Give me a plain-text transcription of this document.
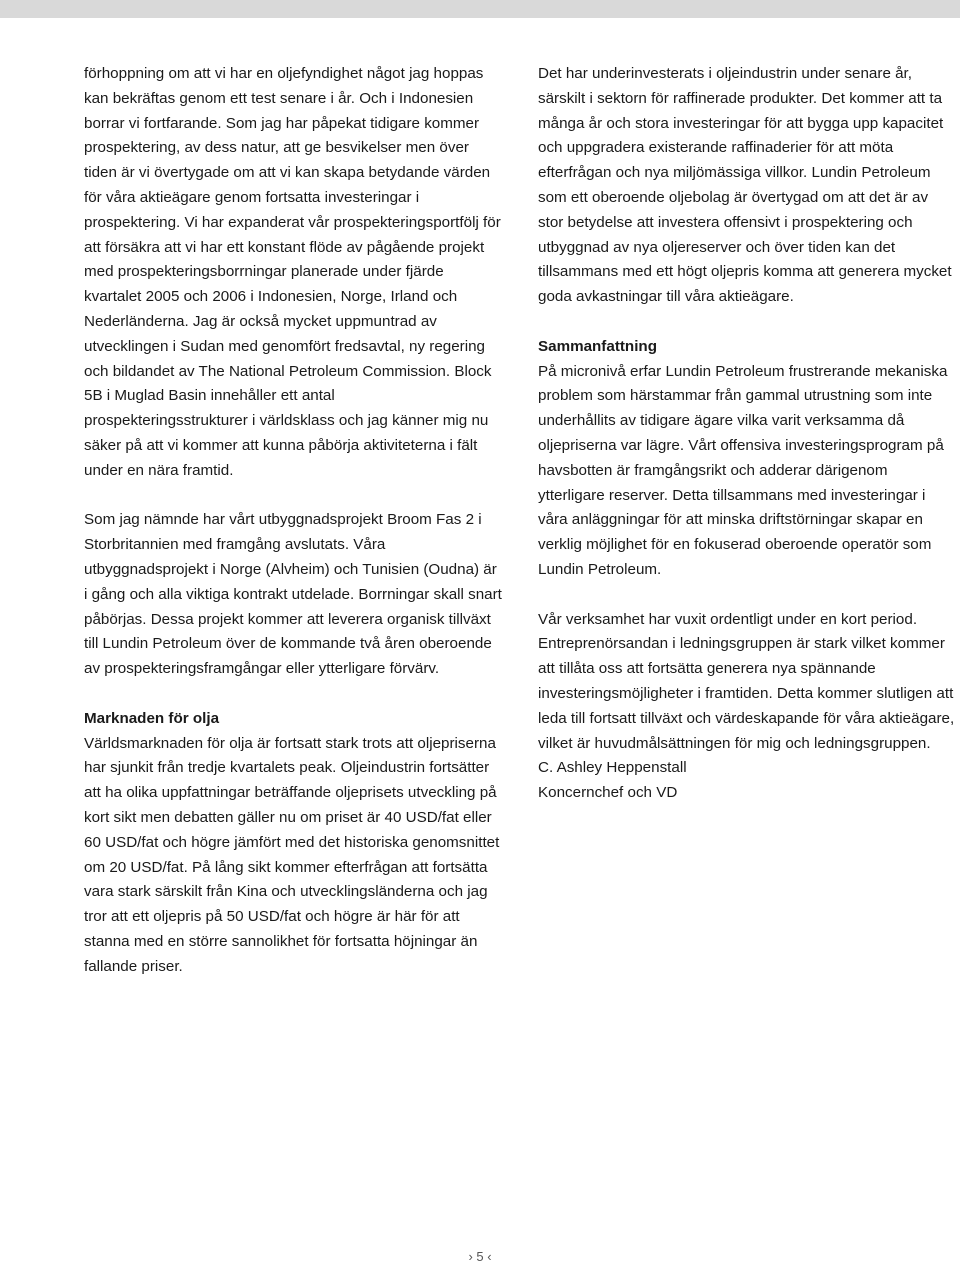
förhoppning om att vi har en oljefyndighet något jag hoppas kan bekräftas genom ett test senare i år. Och i Indonesien borrar vi fortfarande. Som jag har påpekat tidigare kommer prospektering, av dess natur, att ge besvikelser men över tiden är vi övertygade om att vi kan skapa betydande värden för våra aktieägare genom fortsatta investeringar i prospektering. Vi har expanderat vår prospekteringsportfölj för att försäkra att vi har ett konstant flöde av pågående projekt med prospekteringsborrningar planerade under fjärde kvartalet 2005 och 2006 i Indonesien, Norge, Irland och Nederländerna. Jag är också mycket uppmuntrad av utvecklingen i Sudan med genomfört fredsavtal, ny regering och bildandet av The National Petroleum Commission. Block 5B i Muglad Basin innehåller ett antal prospekteringsstrukturer i världsklass och jag känner mig nu säker på att vi kommer att kunna påbörja aktiviteterna i fält under en nära framtid.

Som jag nämnde har vårt utbyggnadsprojekt Broom Fas 2 i Storbritannien med framgång avslutats. Våra utbyggnadsprojekt i Norge (Alvheim) och Tunisien (Oudna) är i gång och alla viktiga kontrakt utdelade. Borrningar skall snart påbörjas. Dessa projekt kommer att leverera organisk tillväxt till Lundin Petroleum över de kommande två åren oberoende av prospekteringsframgångar eller ytterligare förvärv.

Marknaden för olja

Världsmarknaden för olja är fortsatt stark trots att oljepriserna har sjunkit från tredje kvartalets peak. Oljeindustrin fortsätter att ha olika uppfattningar beträffande oljeprisets utveckling på kort sikt men debatten gäller nu om priset är 40 USD/fat eller 60 USD/fat och högre jämfört med det historiska genomsnittet om 20 USD/fat. På lång sikt kommer efterfrågan att fortsätta vara stark särskilt från Kina och utvecklingsländerna och jag tror att ett oljepris på 50 USD/fat och högre är här för att stanna med en större sannolikhet för fortsatta höjningar än fallande priser.

Det har underinvesterats i oljeindustrin under senare år, särskilt i sektorn för raffinerade produkter. Det kommer att ta många år och stora investeringar för att bygga upp kapacitet och uppgradera existerande raffinaderier för att möta efterfrågan och nya miljömässiga villkor. Lundin Petroleum som ett oberoende oljebolag är övertygad om att det är av stor betydelse att investera offensivt i prospektering och utbyggnad av nya oljereserver och över tiden kan det tillsammans med ett högt oljepris komma att generera mycket goda avkastningar till våra aktieägare.

Sammanfattning

På micronivå erfar Lundin Petroleum frustrerande mekaniska problem som härstammar från gammal utrustning som inte underhållits av tidigare ägare vilka varit verksamma då oljepriserna var lägre. Vårt offensiva investeringsprogram på havsbotten är framgångsrikt och adderar därigenom ytterligare reserver. Detta tillsammans med investeringar i våra anläggningar för att minska driftstörningar skapar en verklig möjlighet för en fokuserad oberoende operatör som Lundin Petroleum.

Vår verksamhet har vuxit ordentligt under en kort period. Entreprenörsandan i ledningsgruppen är stark vilket kommer att tillåta oss att fortsätta generera nya spännande investeringsmöjligheter i framtiden. Detta kommer slutligen att leda till fortsatt tillväxt och värdeskapande för våra aktieägare, vilket är huvudmålsättningen för mig och ledningsgruppen.

C. Ashley Heppenstall

Koncernchef och VD

› 5 ‹
